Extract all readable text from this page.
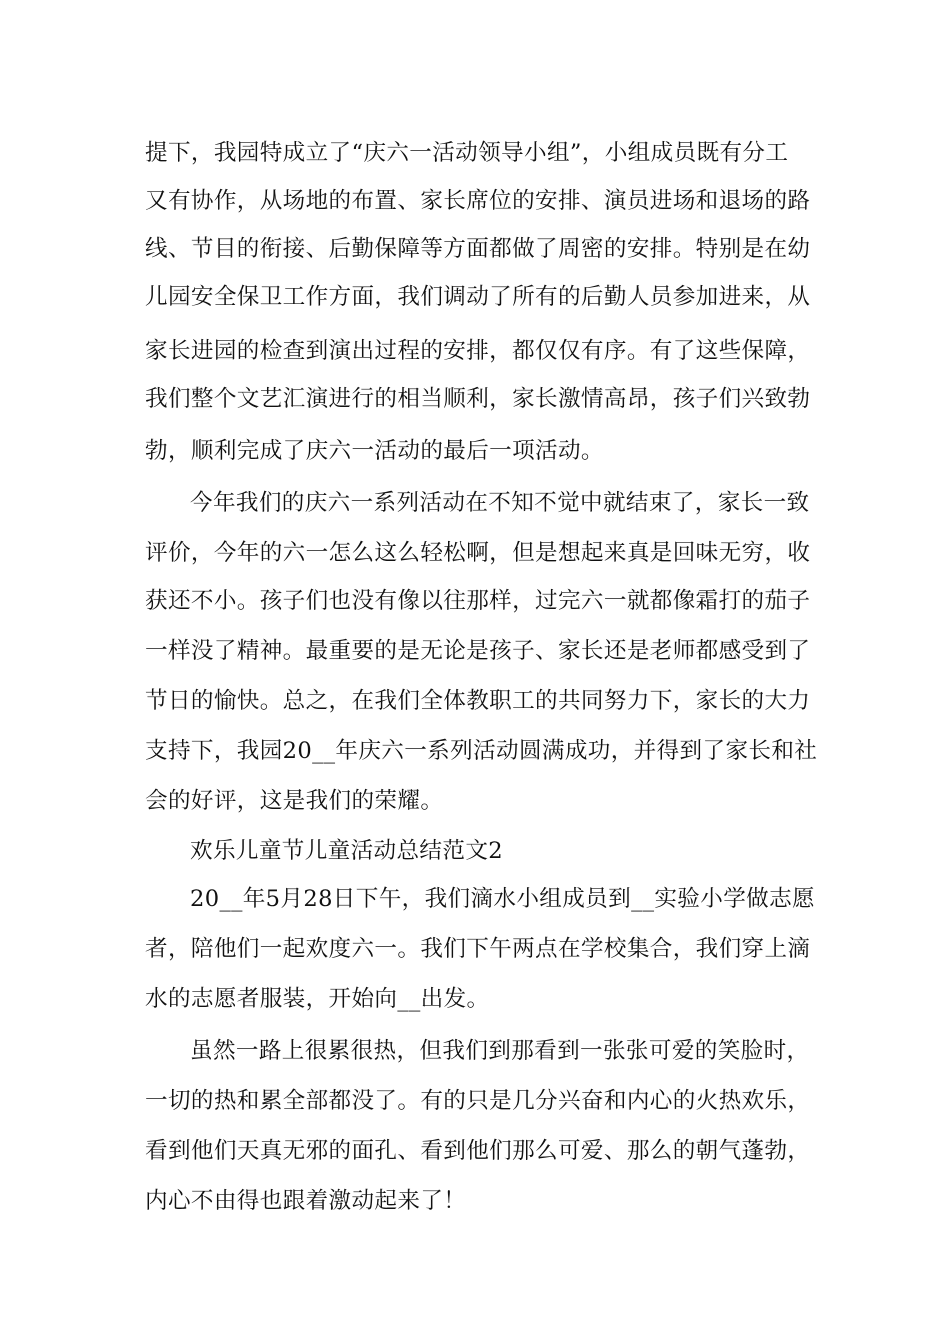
提下，我园特成立了“庆六一活动领导小组”，小组成员既有分工
又有协作，从场地的布置、家长席位的安排、演员进场和退场的路
线、节目的衔接、后勤保障等方面都做了周密的安排。特别是在幼
儿园安全保卫工作方面，我们调动了所有的后勤人员参加进来，从
家长进园的检查到演出过程的安排，都仅仅有序。有了这些保障，
我们整个文艺汇演进行的相当顺利，家长激情高昂，孩子们兴致勃
勃，顺利完成了庆六一活动的最后一项活动。
今年我们的庆六一系列活动在不知不觉中就结束了，家长一致
评价，今年的六一怎么这么轻松啊，但是想起来真是回味无穷，收
获还不小。孩子们也没有像以往那样，过完六一就都像霜打的茄子
一样没了精神。最重要的是无论是孩子、家长还是老师都感受到了
节日的愉快。总之，在我们全体教职工的共同努力下，家长的大力
支持下，我园20__年庆六一系列活动圆满成功，并得到了家长和社
会的好评，这是我们的荣耀。
欢乐儿童节儿童活动总结范文2
20__年5月28日下午，我们滴水小组成员到__实验小学做志愿
者，陪他们一起欢度六一。我们下午两点在学校集合，我们穿上滴
水的志愿者服装，开始向__出发。
虽然一路上很累很热，但我们到那看到一张张可爱的笑脸时，
一切的热和累全部都没了。有的只是几分兴奋和内心的火热欢乐，
看到他们天真无邪的面孔、看到他们那么可爱、那么的朝气蓬勃，
内心不由得也跟着激动起来了！
